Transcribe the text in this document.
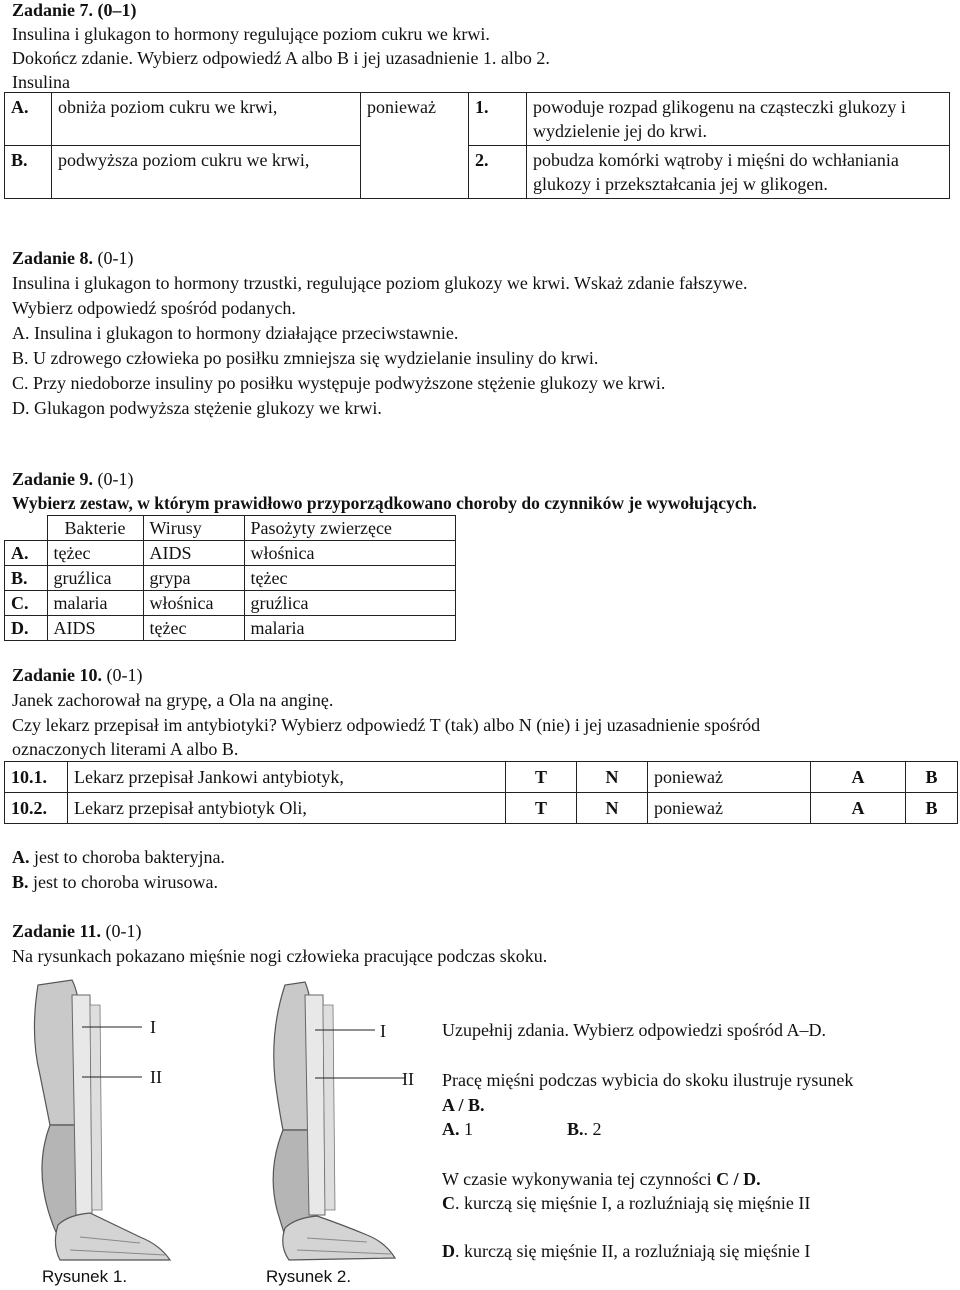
Zadanie 7. (0–1)
Insulina i glukagon to hormony regulujące poziom cukru we krwi.
Dokończ zdanie. Wybierz odpowiedź A albo B i jej uzasadnienie 1. albo 2.
Insulina
A.	obniża poziom cukru we krwi,	ponieważ	1.	powoduje rozpad glikogenu na cząsteczki glukozy i wydzielenie jej do krwi.
B.	podwyższa poziom cukru we krwi,		2.	pobudza komórki wątroby i mięśni do wchłaniania glukozy i przekształcania jej w glikogen.
Zadanie 8. (0-1)
Insulina i glukagon to hormony trzustki, regulujące poziom glukozy we krwi. Wskaż zdanie fałszywe.
Wybierz odpowiedź spośród podanych.
A. Insulina i glukagon to hormony działające przeciwstawnie.
B. U zdrowego człowieka po posiłku zmniejsza się wydzielanie insuliny do krwi.
C. Przy niedoborze insuliny po posiłku występuje podwyższone stężenie glukozy we krwi.
D. Glukagon podwyższa stężenie glukozy we krwi.
Zadanie 9. (0-1)
Wybierz zestaw, w którym prawidłowo przyporządkowano choroby do czynników je wywołujących.
	Bakterie	Wirusy	Pasożyty zwierzęce
A.	tężec	AIDS	włośnica
B.	gruźlica	grypa	tężec
C.	malaria	włośnica	gruźlica
D.	AIDS	tężec	malaria
Zadanie 10. (0-1)
Janek zachorował na grypę, a Ola na anginę.
Czy lekarz przepisał im antybiotyki? Wybierz odpowiedź T (tak) albo N (nie) i jej uzasadnienie spośród
oznaczonych literami A albo B.
10.1.	Lekarz przepisał Jankowi antybiotyk,	T	N	ponieważ	A	B
10.2.	Lekarz przepisał antybiotyk Oli,	T	N	ponieważ	A	B
A. jest to choroba bakteryjna.
B. jest to choroba wirusowa.
Zadanie 11. (0-1)
Na rysunkach pokazano mięśnie nogi człowieka pracujące podczas skoku.
I
II
Rysunek 1.
I
II
Rysunek 2.
Uzupełnij zdania. Wybierz odpowiedzi spośród A–D.
Pracę mięśni podczas wybicia do skoku ilustruje rysunek
A / B.
A. 1	B.. 2
W czasie wykonywania tej czynności C / D.
C. kurczą się mięśnie I, a rozluźniają się mięśnie II
D. kurczą się mięśnie II, a rozluźniają się mięśnie I
